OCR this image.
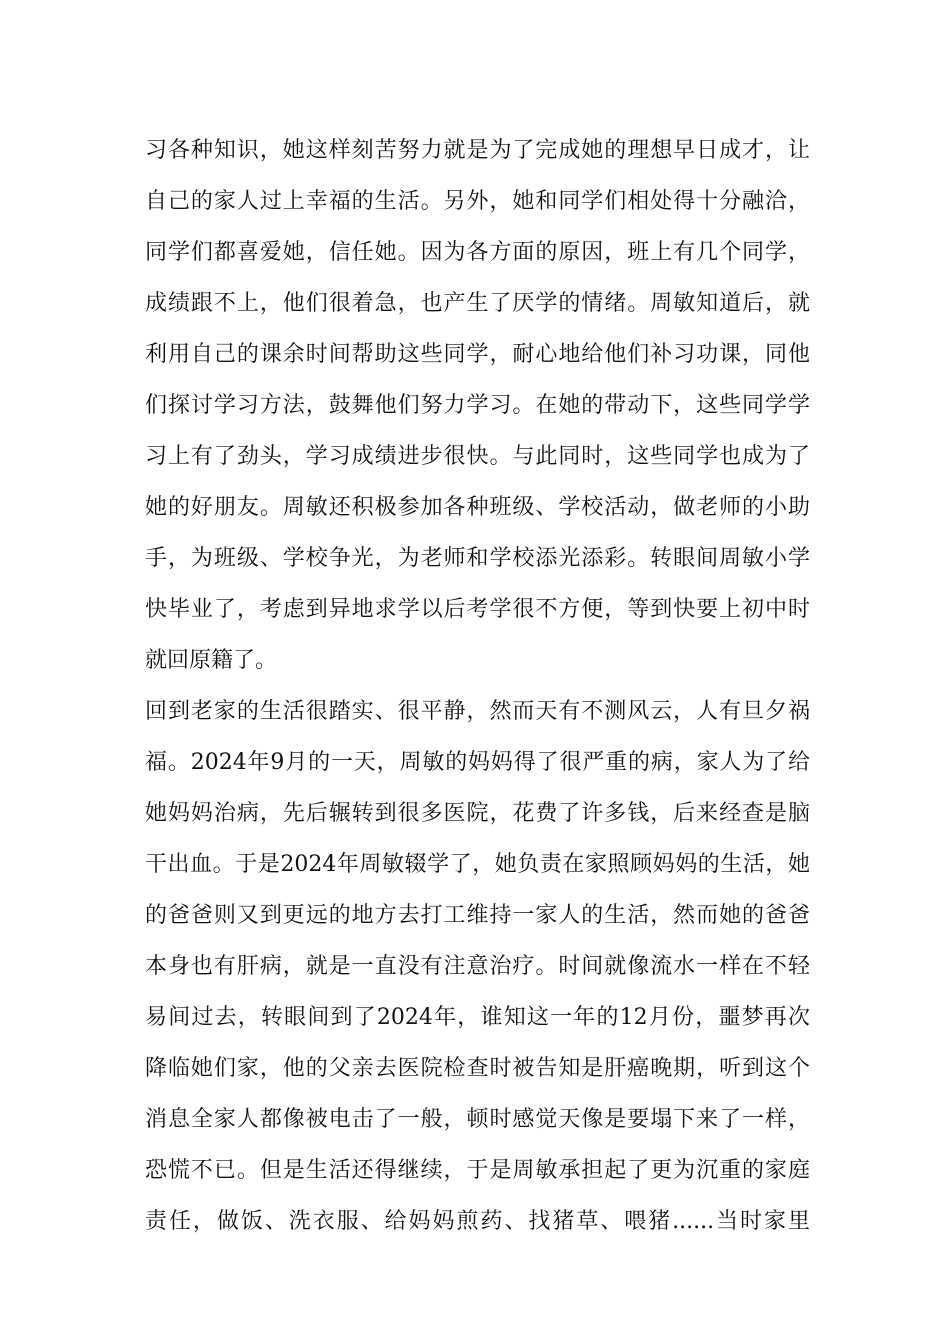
习各种知识，她这样刻苦努力就是为了完成她的理想早日成才，让
自己的家人过上幸福的生活。另外，她和同学们相处得十分融洽，
同学们都喜爱她，信任她。因为各方面的原因，班上有几个同学，
成绩跟不上，他们很着急，也产生了厌学的情绪。周敏知道后，就
利用自己的课余时间帮助这些同学，耐心地给他们补习功课，同他
们探讨学习方法，鼓舞他们努力学习。在她的带动下，这些同学学
习上有了劲头，学习成绩进步很快。与此同时，这些同学也成为了
她的好朋友。周敏还积极参加各种班级、学校活动，做老师的小助
手，为班级、学校争光，为老师和学校添光添彩。转眼间周敏小学
快毕业了，考虑到异地求学以后考学很不方便，等到快要上初中时
就回原籍了。
回到老家的生活很踏实、很平静，然而天有不测风云，人有旦夕祸
福。2024年9月的一天，周敏的妈妈得了很严重的病，家人为了给
她妈妈治病，先后辗转到很多医院，花费了许多钱，后来经查是脑
干出血。于是2024年周敏辍学了，她负责在家照顾妈妈的生活，她
的爸爸则又到更远的地方去打工维持一家人的生活，然而她的爸爸
本身也有肝病，就是一直没有注意治疗。时间就像流水一样在不轻
易间过去，转眼间到了2024年，谁知这一年的12月份，噩梦再次
降临她们家，他的父亲去医院检查时被告知是肝癌晚期，听到这个
消息全家人都像被电击了一般，顿时感觉天像是要塌下来了一样，
恐慌不已。但是生活还得继续，于是周敏承担起了更为沉重的家庭
责任，做饭、洗衣服、给妈妈煎药、找猪草、喂猪......当时家里
